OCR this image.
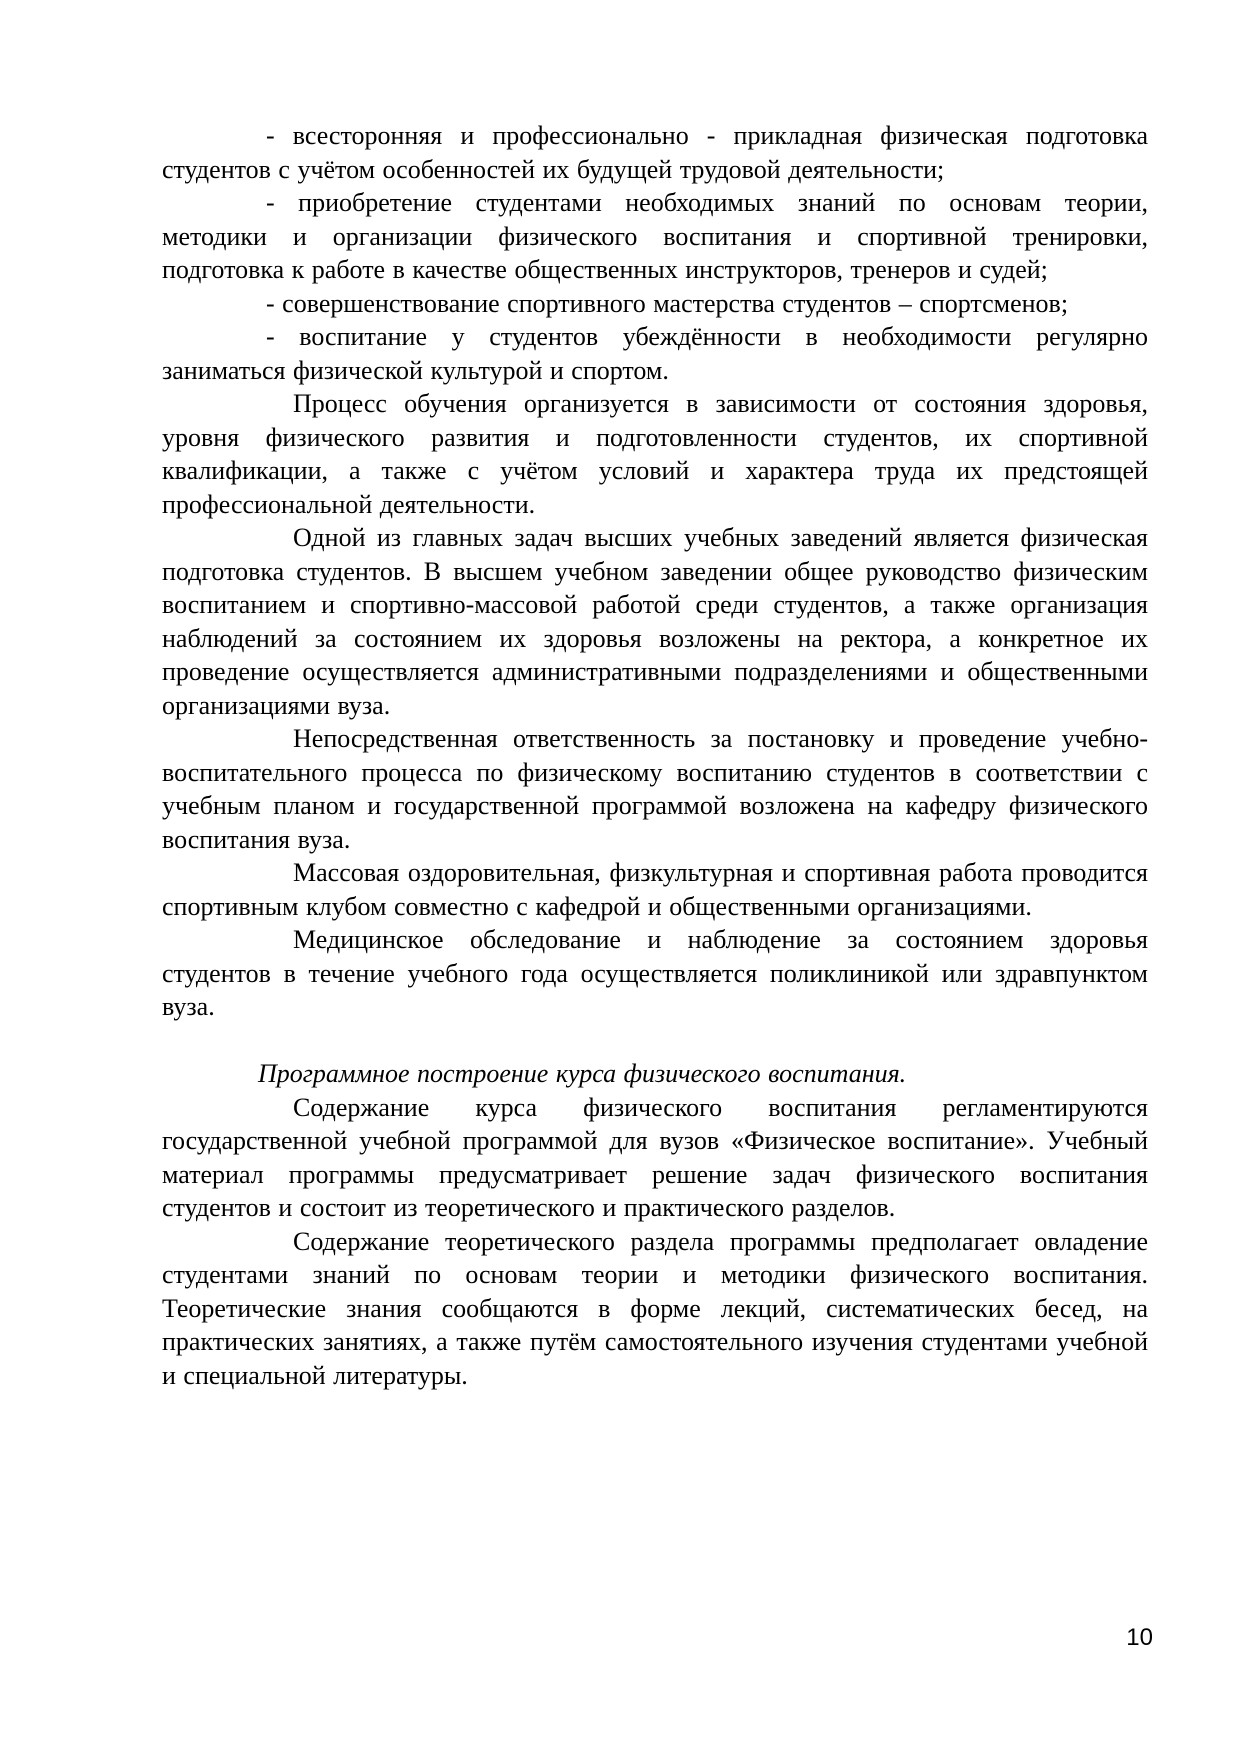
- всесторонняя и профессионально - прикладная физическая подготовка студентов с учётом особенностей их будущей трудовой деятельности;

- приобретение студентами необходимых знаний по основам теории, методики и организации физического воспитания и спортивной тренировки, подготовка к работе в качестве общественных инструкторов, тренеров и судей;

- совершенствование спортивного мастерства студентов – спортсменов;

- воспитание у студентов убеждённости в необходимости регулярно заниматься физической культурой и спортом.

Процесс обучения организуется в зависимости от состояния здоровья, уровня физического развития и подготовленности студентов, их спортивной квалификации, а также с учётом условий и характера труда их предстоящей профессиональной деятельности.

Одной из главных задач высших учебных заведений является физическая подготовка студентов. В высшем учебном заведении общее руководство физическим воспитанием и спортивно-массовой работой среди студентов, а также организация наблюдений за состоянием их здоровья возложены на ректора, а конкретное их проведение осуществляется административными подразделениями и общественными организациями вуза.

Непосредственная ответственность за постановку и проведение учебно-воспитательного процесса по физическому воспитанию студентов в соответствии с учебным планом и государственной программой возложена на кафедру физического воспитания вуза.

Массовая оздоровительная, физкультурная и спортивная работа проводится спортивным клубом совместно с кафедрой и общественными организациями.

Медицинское обследование и наблюдение за состоянием здоровья студентов в течение учебного года осуществляется поликлиникой или здравпунктом вуза.

Программное построение курса физического воспитания.

Содержание курса физического воспитания регламентируются государственной учебной программой для вузов «Физическое воспитание». Учебный материал программы предусматривает решение задач физического воспитания студентов и состоит из теоретического и практического разделов.

Содержание теоретического раздела программы предполагает овладение студентами знаний по основам теории и методики физического воспитания. Теоретические знания сообщаются в форме лекций, систематических бесед, на практических занятиях, а также путём самостоятельного изучения студентами учебной и специальной литературы.

10
